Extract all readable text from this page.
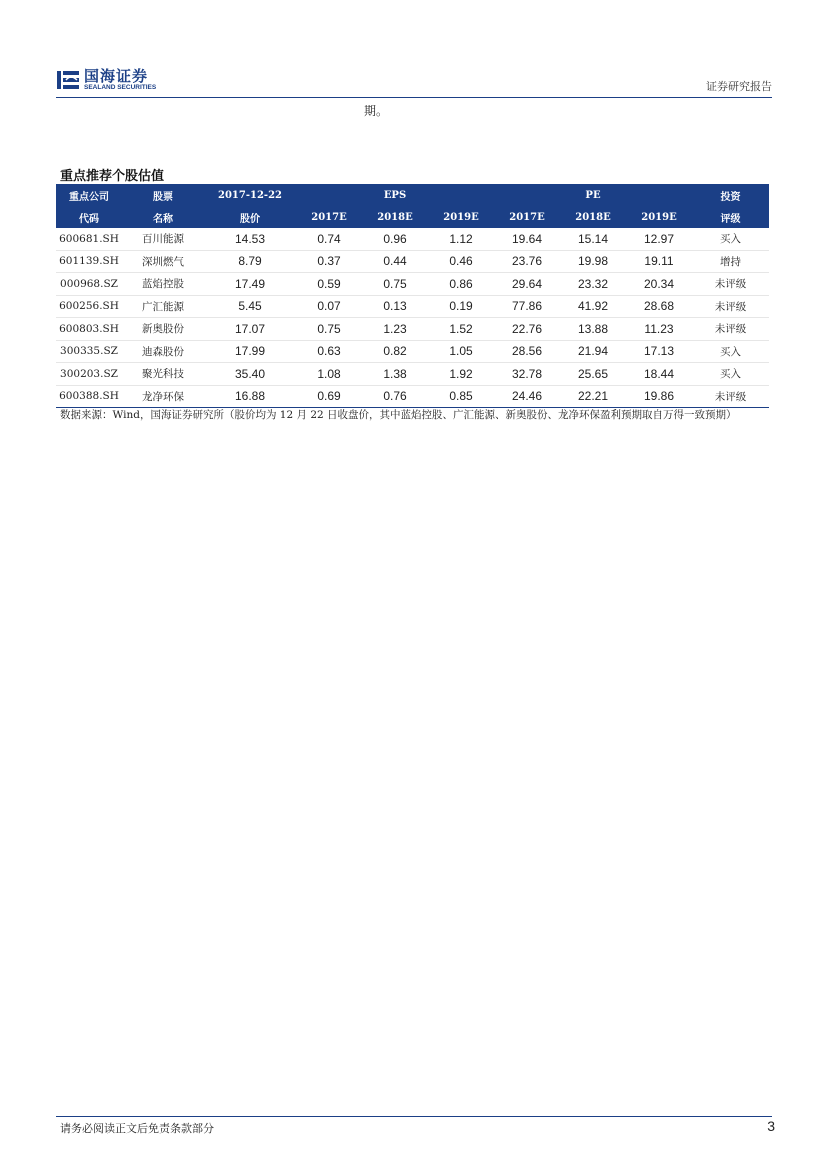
国海证券
SEALAND SECURITIES	证券研究报告
期。
重点推荐个股估值
重点公司	股票	2017-12-22		EPS			PE		投资
代码	名称	股价	2017E	2018E	2019E	2017E	2018E	2019E	评级
600681.SH	百川能源	14.53	0.74	0.96	1.12	19.64	15.14	12.97	买入
601139.SH	深圳燃气	8.79	0.37	0.44	0.46	23.76	19.98	19.11	增持
000968.SZ	蓝焰控股	17.49	0.59	0.75	0.86	29.64	23.32	20.34	未评级
600256.SH	广汇能源	5.45	0.07	0.13	0.19	77.86	41.92	28.68	未评级
600803.SH	新奥股份	17.07	0.75	1.23	1.52	22.76	13.88	11.23	未评级
300335.SZ	迪森股份	17.99	0.63	0.82	1.05	28.56	21.94	17.13	买入
300203.SZ	聚光科技	35.40	1.08	1.38	1.92	32.78	25.65	18.44	买入
600388.SH	龙净环保	16.88	0.69	0.76	0.85	24.46	22.21	19.86	未评级
数据来源：Wind，国海证券研究所（股价均为 12 月 22 日收盘价，其中蓝焰控股、广汇能源、新奥股份、龙净环保盈利预期取自万得一致预期）
请务必阅读正文后免责条款部分	3
